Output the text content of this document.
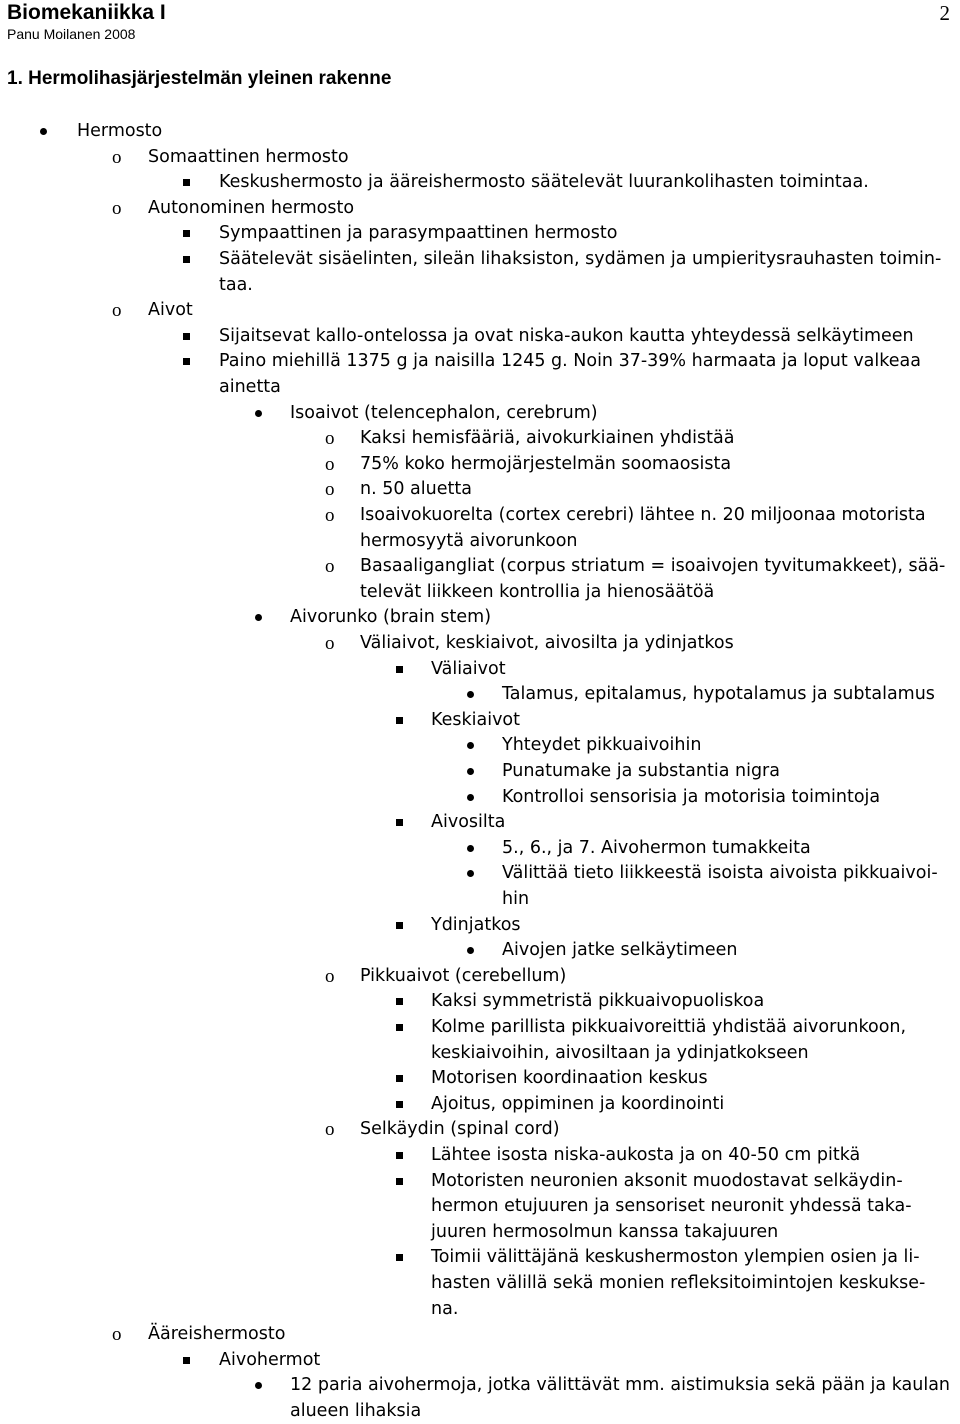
Biomekaniikka I
Panu Moilanen 2008
2
1. Hermolihasjärjestelmän yleinen rakenne
Hermosto
o Somaattinen hermosto
Keskushermosto ja ääreishermosto säätelevät luurankolihasten toimintaa.
o Autonominen hermosto
Sympaattinen ja parasympaattinen hermosto
Säätelevät sisäelinten, sileän lihaksiston, sydämen ja umpieritysrauhasten toimin-
taa.
o Aivot
Sijaitsevat kallo-ontelossa ja ovat niska-aukon kautta yhteydessä selkäytimeen
Paino miehillä 1375 g ja naisilla 1245 g. Noin 37-39% harmaata ja loput valkeaa
ainetta
Isoaivot (telencephalon, cerebrum)
o Kaksi hemisfääriä, aivokurkiainen yhdistää
o 75% koko hermojärjestelmän soomaosista
o n. 50 aluetta
o Isoaivokuorelta (cortex cerebri) lähtee n. 20 miljoonaa motorista
hermosyytä aivorunkoon
o Basaaligangliat (corpus striatum = isoaivojen tyvitumakkeet), sää-
televät liikkeen kontrollia ja hienosäätöä
Aivorunko (brain stem)
o Väliaivot, keskiaivot, aivosilta ja ydinjatkos
Väliaivot
Talamus, epitalamus, hypotalamus ja subtalamus
Keskiaivot
Yhteydet pikkuaivoihin
Punatumake ja substantia nigra
Kontrolloi sensorisia ja motorisia toimintoja
Aivosilta
5., 6., ja 7. Aivohermon tumakkeita
Välittää tieto liikkeestä isoista aivoista pikkuaivoi-
hin
Ydinjatkos
Aivojen jatke selkäytimeen
o Pikkuaivot (cerebellum)
Kaksi symmetristä pikkuaivopuoliskoa
Kolme parillista pikkuaivoreittiä yhdistää aivorunkoon,
keskiaivoihin, aivosiltaan ja ydinjatkokseen
Motorisen koordinaation keskus
Ajoitus, oppiminen ja koordinointi
o Selkäydin (spinal cord)
Lähtee isosta niska-aukosta ja on 40-50 cm pitkä
Motoristen neuronien aksonit muodostavat selkäydin-
hermon etujuuren ja sensoriset neuronit yhdessä taka-
juuren hermosolmun kanssa takajuuren
Toimii välittäjänä keskushermoston ylempien osien ja li-
hasten välillä sekä monien refleksitoimintojen keskukse-
na.
o Ääreishermosto
Aivohermot
12 paria aivohermoja, jotka välittävät mm. aistimuksia sekä pään ja kaulan
alueen lihaksia
